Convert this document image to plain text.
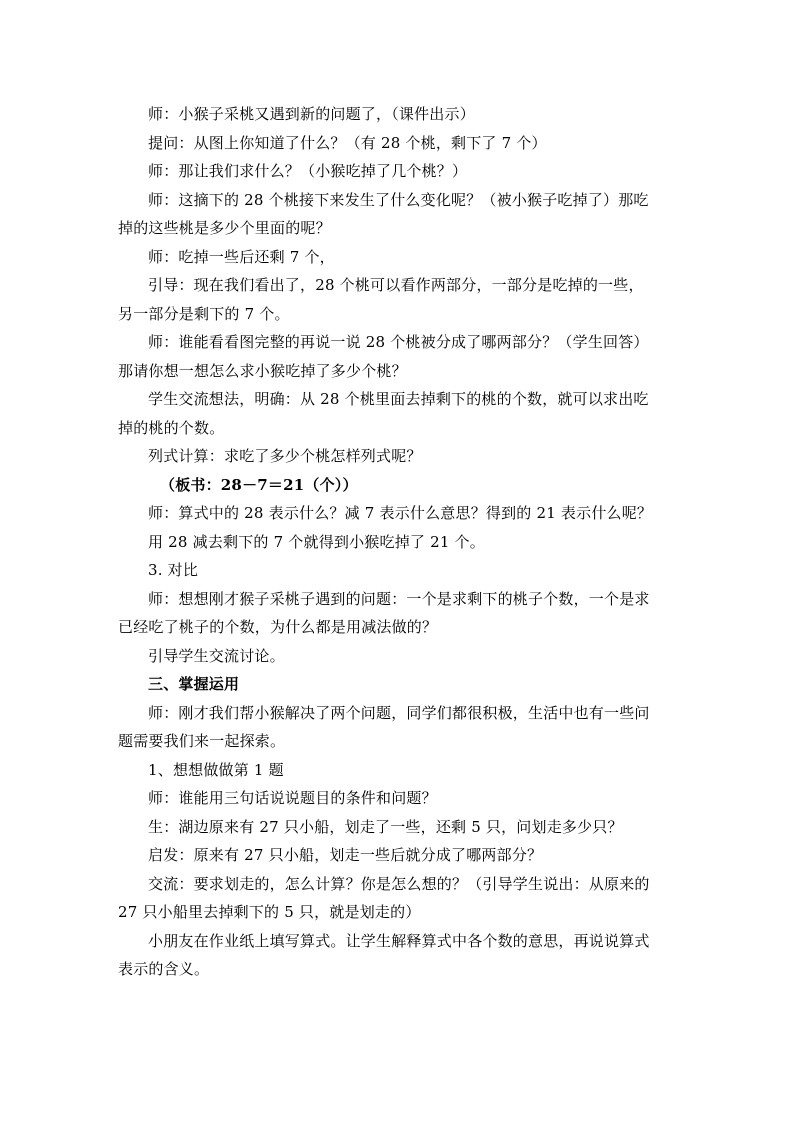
师：小猴子采桃又遇到新的问题了，（课件出示）
提问：从图上你知道了什么？（有 28 个桃，剩下了 7 个）
师：那让我们求什么？（小猴吃掉了几个桃？）
师：这摘下的 28 个桃接下来发生了什么变化呢？（被小猴子吃掉了）那吃
掉的这些桃是多少个里面的呢？
师：吃掉一些后还剩 7 个，
引导：现在我们看出了，28 个桃可以看作两部分，一部分是吃掉的一些，
另一部分是剩下的 7 个。
师：谁能看看图完整的再说一说 28 个桃被分成了哪两部分？（学生回答）
那请你想一想怎么求小猴吃掉了多少个桃？
学生交流想法，明确：从 28 个桃里面去掉剩下的桃的个数，就可以求出吃
掉的桃的个数。
列式计算：求吃了多少个桃怎样列式呢？
（板书：28－7＝21（个））
师：算式中的 28 表示什么？减 7 表示什么意思？得到的 21 表示什么呢？
用 28 减去剩下的 7 个就得到小猴吃掉了 21 个。
3. 对比
师：想想刚才猴子采桃子遇到的问题：一个是求剩下的桃子个数，一个是求
已经吃了桃子的个数，为什么都是用减法做的？
引导学生交流讨论。
三、掌握运用
师：刚才我们帮小猴解决了两个问题，同学们都很积极，生活中也有一些问
题需要我们来一起探索。
1、想想做做第 1 题
师：谁能用三句话说说题目的条件和问题？
生：湖边原来有 27 只小船，划走了一些，还剩 5 只，问划走多少只？
启发：原来有 27 只小船，划走一些后就分成了哪两部分？
交流：要求划走的，怎么计算？你是怎么想的？（引导学生说出：从原来的
27 只小船里去掉剩下的 5 只，就是划走的）
小朋友在作业纸上填写算式。让学生解释算式中各个数的意思，再说说算式
表示的含义。
